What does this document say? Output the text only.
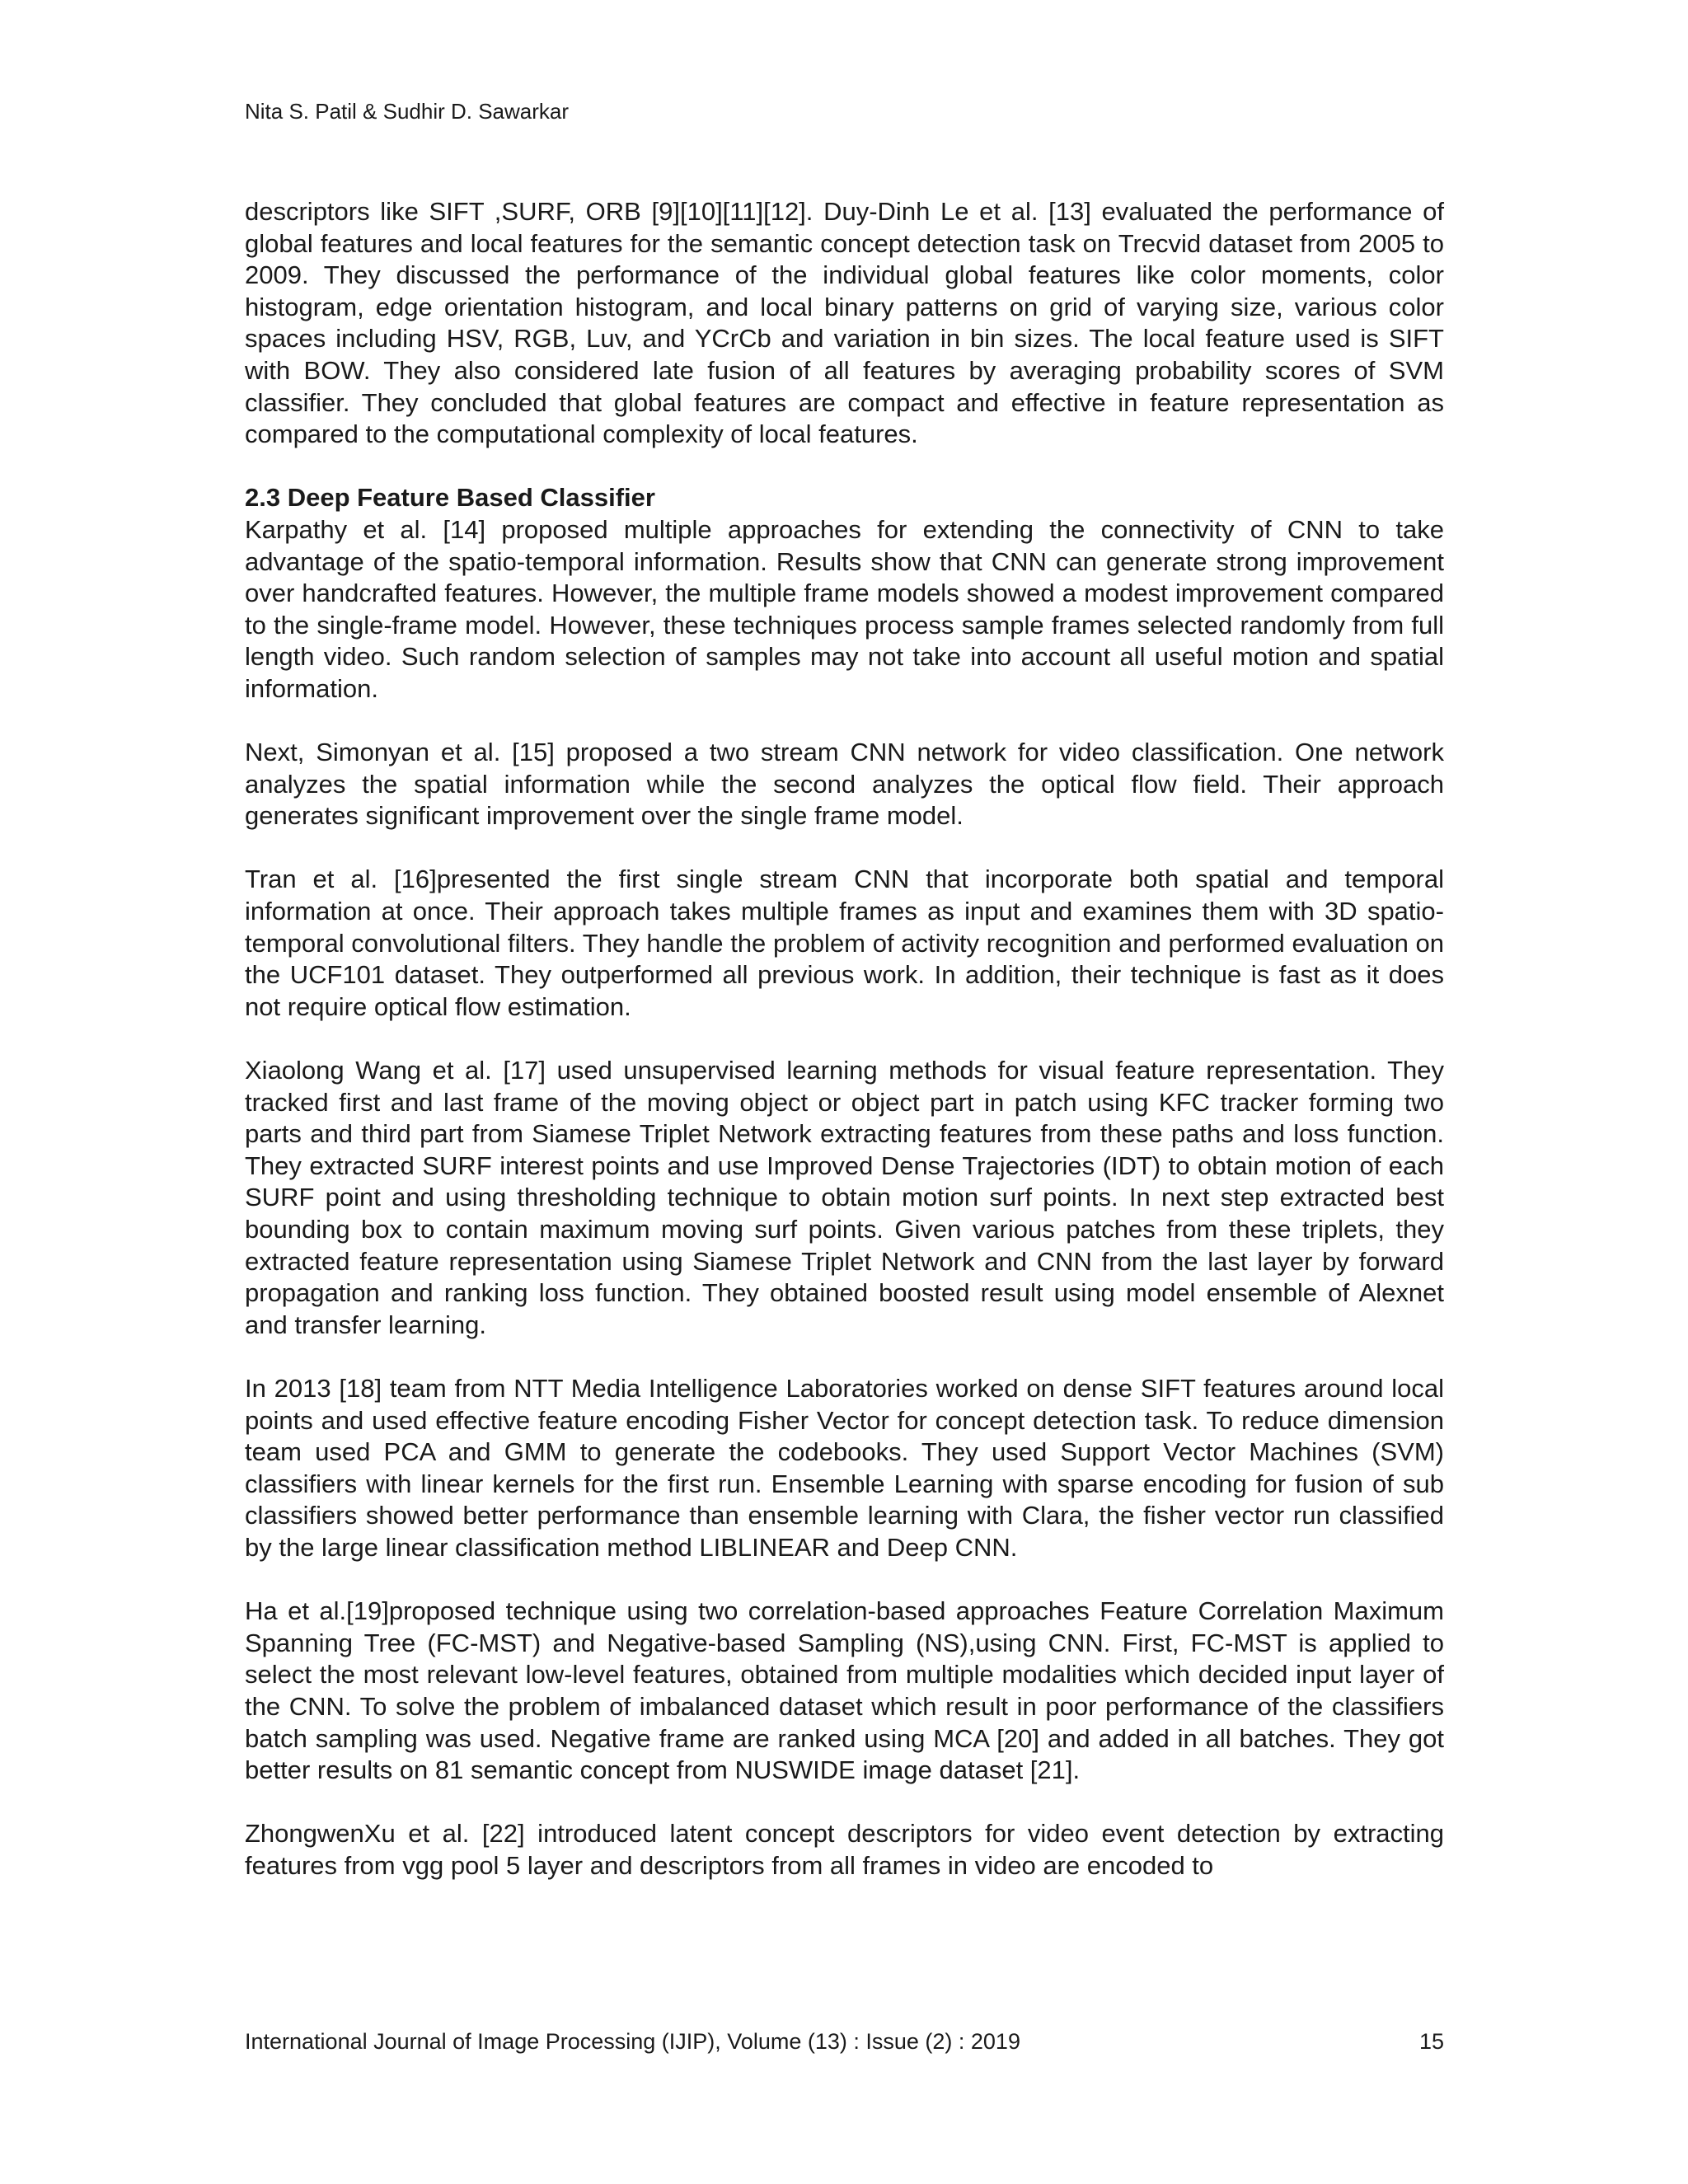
Nita S. Patil & Sudhir D. Sawarkar

descriptors like SIFT ,SURF, ORB [9][10][11][12]. Duy-Dinh Le et al. [13] evaluated the performance of global features and local features for the semantic concept detection task on Trecvid dataset from 2005 to 2009. They discussed the performance of the individual global features like color moments, color histogram, edge orientation histogram, and local binary patterns on grid of varying size, various color spaces including HSV, RGB, Luv, and YCrCb and variation in bin sizes. The local feature used is SIFT with BOW. They also considered late fusion of all features by averaging probability scores of SVM classifier. They concluded that global features are compact and effective in feature representation as compared to the computational complexity of local features.

2.3 Deep Feature Based Classifier

Karpathy et al. [14] proposed multiple approaches for extending the connectivity of CNN to take advantage of the spatio-temporal information. Results show that CNN can generate strong improvement over handcrafted features. However, the multiple frame models showed a modest improvement compared to the single-frame model. However, these techniques process sample frames selected randomly from full length video. Such random selection of samples may not take into account all useful motion and spatial information.

Next, Simonyan et al. [15] proposed a two stream CNN network for video classification. One network analyzes the spatial information while the second analyzes the optical flow field. Their approach generates significant improvement over the single frame model.

Tran et al. [16]presented the first single stream CNN that incorporate both spatial and temporal information at once. Their approach takes multiple frames as input and examines them with 3D spatio-temporal convolutional filters. They handle the problem of activity recognition and performed evaluation on the UCF101 dataset. They outperformed all previous work. In addition, their technique is fast as it does not require optical flow estimation.

Xiaolong Wang et al. [17] used unsupervised learning methods for visual feature representation. They tracked first and last frame of the moving object or object part in patch using KFC tracker forming two parts and third part from Siamese Triplet Network extracting features from these paths and loss function. They extracted SURF interest points and use Improved Dense Trajectories (IDT) to obtain motion of each SURF point and using thresholding technique to obtain motion surf points. In next step extracted best bounding box to contain maximum moving surf points. Given various patches from these triplets, they extracted feature representation using Siamese Triplet Network and CNN from the last layer by forward propagation and ranking loss function. They obtained boosted result using model ensemble of Alexnet and transfer learning.

In 2013 [18] team from NTT Media Intelligence Laboratories worked on dense SIFT features around local points and used effective feature encoding Fisher Vector for concept detection task. To reduce dimension team used PCA and GMM to generate the codebooks. They used Support Vector Machines (SVM) classifiers with linear kernels for the first run. Ensemble Learning with sparse encoding for fusion of sub classifiers showed better performance than ensemble learning with Clara, the fisher vector run classified by the large linear classification method LIBLINEAR and Deep CNN.

Ha et al.[19]proposed technique using two correlation-based approaches Feature Correlation Maximum Spanning Tree (FC-MST) and Negative-based Sampling (NS),using CNN. First, FC-MST is applied to select the most relevant low-level features, obtained from multiple modalities which decided input layer of the CNN. To solve the problem of imbalanced dataset which result in poor performance of the classifiers batch sampling was used. Negative frame are ranked using MCA [20] and added in all batches. They got better results on 81 semantic concept from NUSWIDE image dataset [21].

ZhongwenXu et al. [22] introduced latent concept descriptors for video event detection by extracting features from vgg pool 5 layer and descriptors from all frames in video are encoded to

International Journal of Image Processing (IJIP), Volume (13) : Issue (2) : 2019	15
